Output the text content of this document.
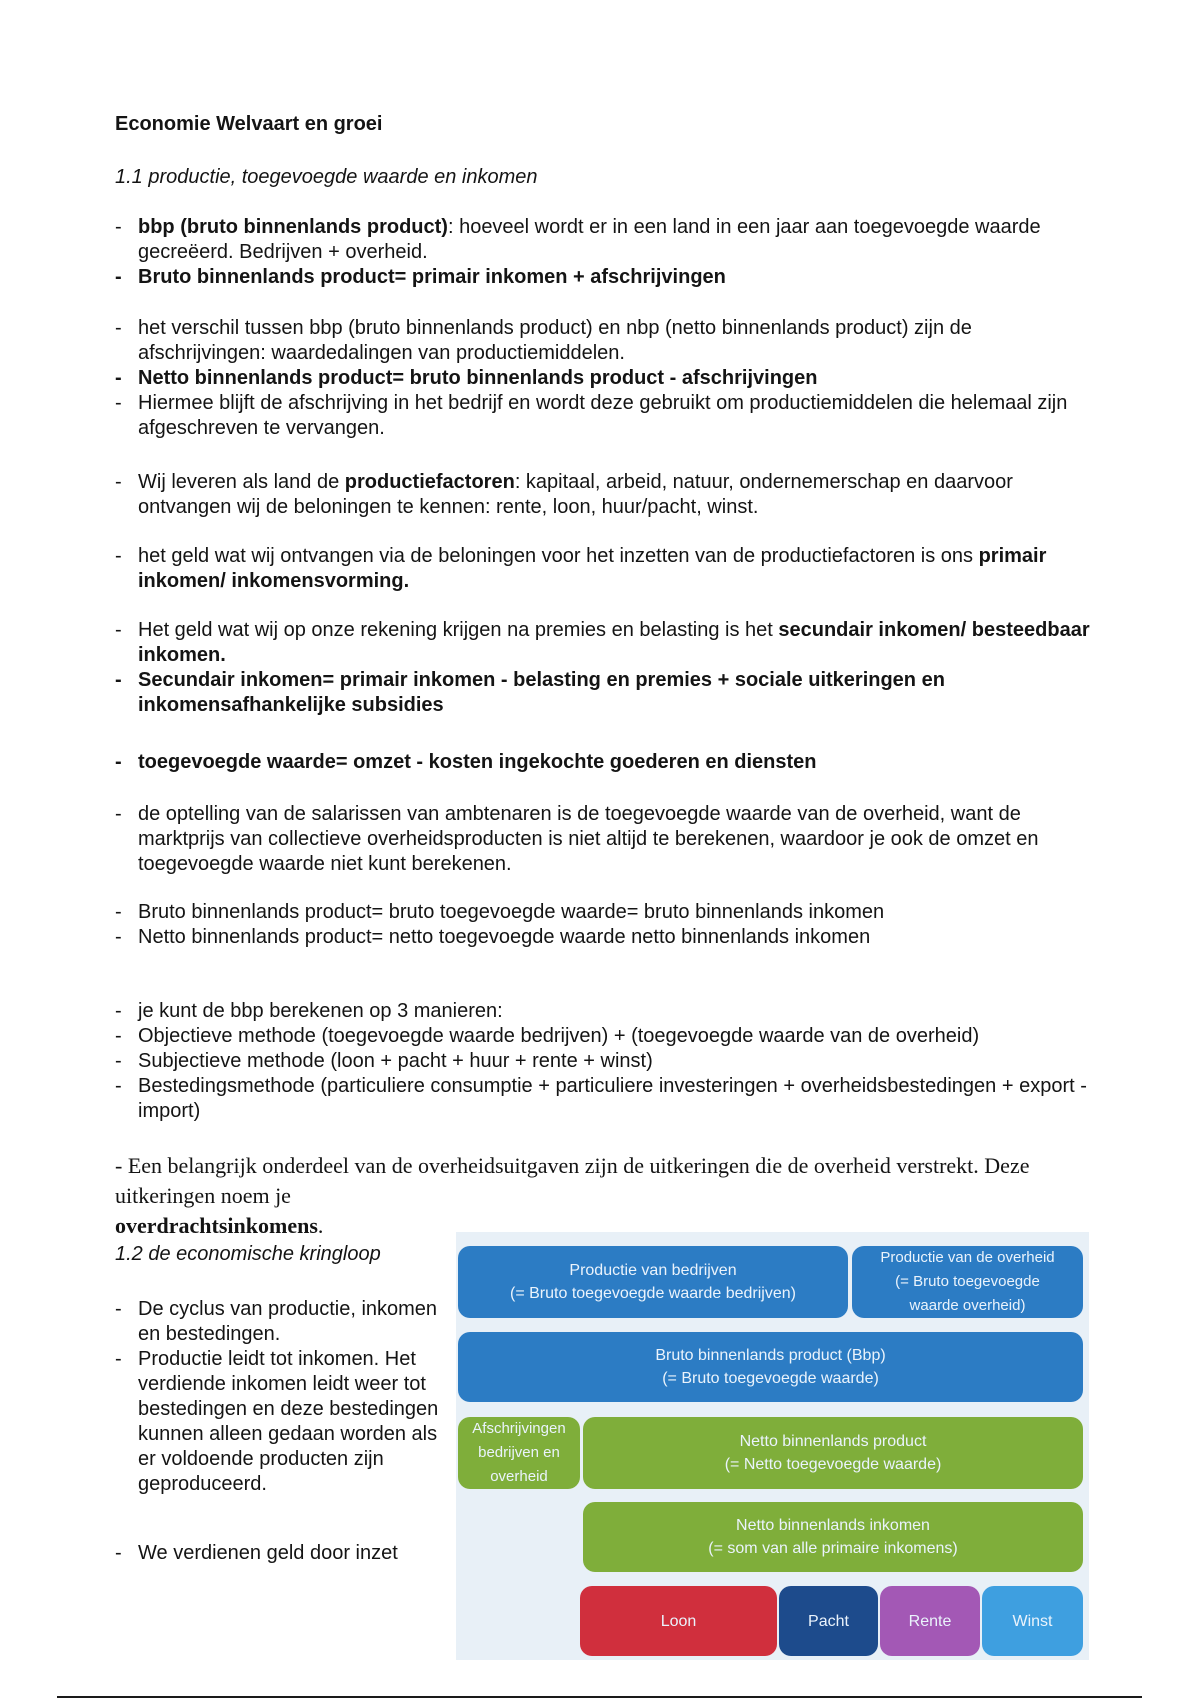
Economie Welvaart en groei
1.1 productie, toegevoegde waarde en inkomen
- bbp (bruto binnenlands product): hoeveel wordt er in een land in een jaar aan toegevoegde waarde gecreëerd. Bedrijven + overheid.
- Bruto binnenlands product= primair inkomen + afschrijvingen
- het verschil tussen bbp (bruto binnenlands product) en nbp (netto binnenlands product) zijn de afschrijvingen: waardedalingen van productiemiddelen.
- Netto binnenlands product= bruto binnenlands product - afschrijvingen
- Hiermee blijft de afschrijving in het bedrijf en wordt deze gebruikt om productiemiddelen die helemaal zijn afgeschreven te vervangen.
- Wij leveren als land de productiefactoren: kapitaal, arbeid, natuur, ondernemerschap en daarvoor ontvangen wij de beloningen te kennen: rente, loon, huur/pacht, winst.
- het geld wat wij ontvangen via de beloningen voor het inzetten van de productiefactoren is ons primair inkomen/ inkomensvorming.
- Het geld wat wij op onze rekening krijgen na premies en belasting is het secundair inkomen/ besteedbaar inkomen.
- Secundair inkomen= primair inkomen - belasting en premies + sociale uitkeringen en inkomensafhankelijke subsidies
- toegevoegde waarde= omzet - kosten ingekochte goederen en diensten
- de optelling van de salarissen van ambtenaren is de toegevoegde waarde van de overheid, want de marktprijs van collectieve overheidsproducten is niet altijd te berekenen, waardoor je ook de omzet en toegevoegde waarde niet kunt berekenen.
- Bruto binnenlands product= bruto toegevoegde waarde= bruto binnenlands inkomen
- Netto binnenlands product= netto toegevoegde waarde netto binnenlands inkomen
- je kunt de bbp berekenen op 3 manieren:
- Objectieve methode (toegevoegde waarde bedrijven) + (toegevoegde waarde van de overheid)
- Subjectieve methode (loon + pacht + huur + rente + winst)
- Bestedingsmethode (particuliere consumptie + particuliere investeringen + overheidsbestedingen + export - import)
- Een belangrijk onderdeel van de overheidsuitgaven zijn de uitkeringen die de overheid verstrekt. Deze uitkeringen noem je
overdrachtsinkomens.
1.2 de economische kringloop
- De cyclus van productie, inkomen en bestedingen.
- Productie leidt tot inkomen. Het verdiende inkomen leidt weer tot bestedingen en deze bestedingen kunnen alleen gedaan worden als er voldoende producten zijn geproduceerd.
- We verdienen geld door inzet
Productie van bedrijven
(= Bruto toegevoegde waarde bedrijven)
Productie van de overheid
(= Bruto toegevoegde
waarde overheid)
Bruto binnenlands product (Bbp)
(= Bruto toegevoegde waarde)
Afschrijvingen
bedrijven en
overheid
Netto binnenlands product
(= Netto toegevoegde waarde)
Netto binnenlands inkomen
(= som van alle primaire inkomens)
Loon	Pacht	Rente	Winst
